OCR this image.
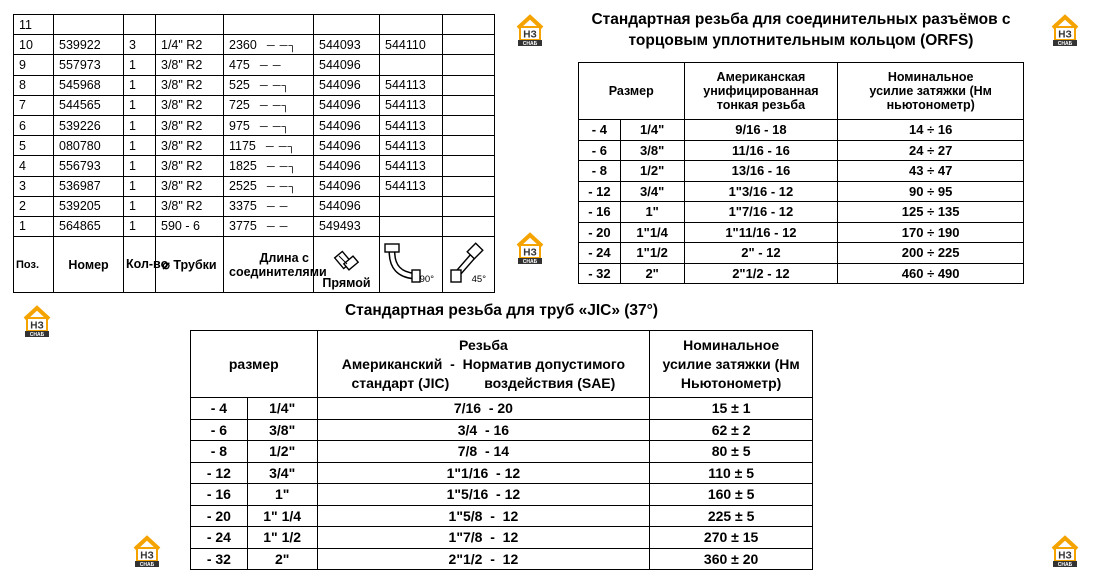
11							
10	539922	3	1/4" R2	2360 ─ ─┐	544093	544110	
9	557973	1	3/8" R2	475 ─ ─	544096		
8	545968	1	3/8" R2	525 ─ ─┐	544096	544113	
7	544565	1	3/8" R2	725 ─ ─┐	544096	544113	
6	539226	1	3/8" R2	975 ─ ─┐	544096	544113	
5	080780	1	3/8" R2	1175 ─ ─┐	544096	544113	
4	556793	1	3/8" R2	1825 ─ ─┐	544096	544113	
3	536987	1	3/8" R2	2525 ─ ─┐	544096	544113	
2	539205	1	3/8" R2	3375 ─ ─	544096		
1	564865	1	590 - 6	3775 ─ ─	549493		
Поз.	Номер	Кол-во	⌀ Трубки	Длина с соединителями	Прямой	90°	45°
Стандартная резьба для соединительных разъёмов с торцовым уплотнительным кольцом (ORFS)
Размер		Американская унифицированная тонкая резьба	Номинальное усилие затяжки (Нм ньютонометр)
- 4	1/4"	9/16 - 18	14 ÷ 16
- 6	3/8"	11/16 - 16	24 ÷ 27
- 8	1/2"	13/16 - 16	43 ÷ 47
- 12	3/4"	1"3/16 - 12	90 ÷ 95
- 16	1"	1"7/16 - 12	125 ÷ 135
- 20	1"1/4	1"11/16 - 12	170 ÷ 190
- 24	1"1/2	2" - 12	200 ÷ 225
- 32	2"	2"1/2 - 12	460 ÷ 490
Стандартная резьба для труб «JIC» (37°)
размер		Резьба
Американский  -  Норматив допустимого
стандарт (JIC)         воздействия (SAE)	Номинальное усилие затяжки (Нм Ньютонометр)
- 4	1/4"	7/16  - 20	15 ± 1
- 6	3/8"	3/4  - 16	62 ± 2
- 8	1/2"	7/8  - 14	80 ± 5
- 12	3/4"	1"1/16  - 12	110 ± 5
- 16	1"	1"5/16  - 12	160 ± 5
- 20	1" 1/4	1"5/8  -  12	225 ± 5
- 24	1" 1/2	1"7/8  -  12	270 ± 15
- 32	2"	2"1/2  -  12	360 ± 20
НЗ
СНАБ
НЗ
СНАБ
НЗ
СНАБ
НЗ
СНАБ
НЗ
СНАБ
НЗ
СНАБ
